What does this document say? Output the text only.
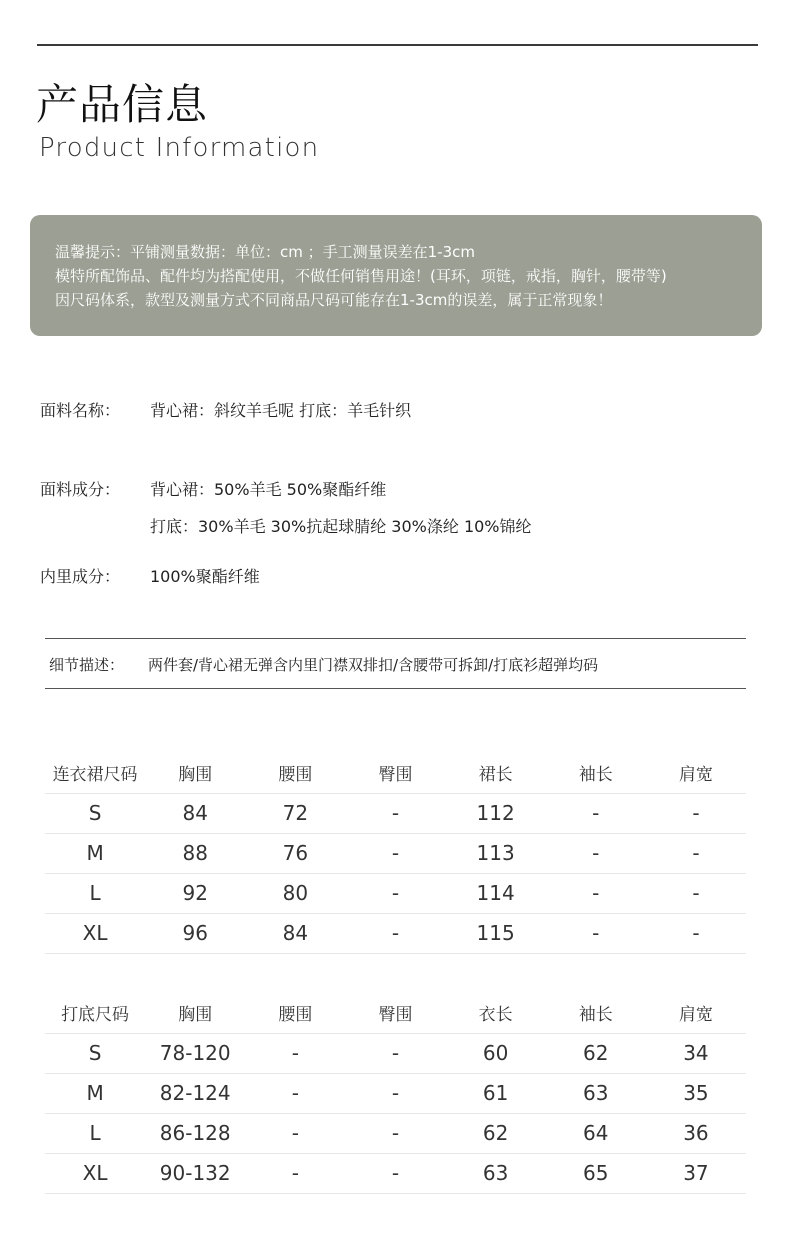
产品信息
Product Information

温馨提示：平铺测量数据：单位：cm ；手工测量误差在1-3cm

模特所配饰品、配件均为搭配使用，不做任何销售用途！(耳环，项链，戒指，胸针，腰带等)

因尺码体系，款型及测量方式不同商品尺码可能存在1-3cm的误差，属于正常现象！

面料名称： 背心裙：斜纹羊毛呢 打底：羊毛针织
面料成分： 背心裙：50%羊毛 50%聚酯纤维
打底：30%羊毛 30%抗起球腈纶 30%涤纶 10%锦纶
内里成分： 100%聚酯纤维
细节描述： 两件套/背心裙无弹含内里门襟双排扣/含腰带可拆卸/打底衫超弹均码
连衣裙尺码	胸围	腰围	臀围	裙长	袖长	肩宽
S	84	72	-	112	-	-
M	88	76	-	113	-	-
L	92	80	-	114	-	-
XL	96	84	-	115	-	-
打底尺码	胸围	腰围	臀围	衣长	袖长	肩宽
S	78-120	-	-	60	62	34
M	82-124	-	-	61	63	35
L	86-128	-	-	62	64	36
XL	90-132	-	-	63	65	37
